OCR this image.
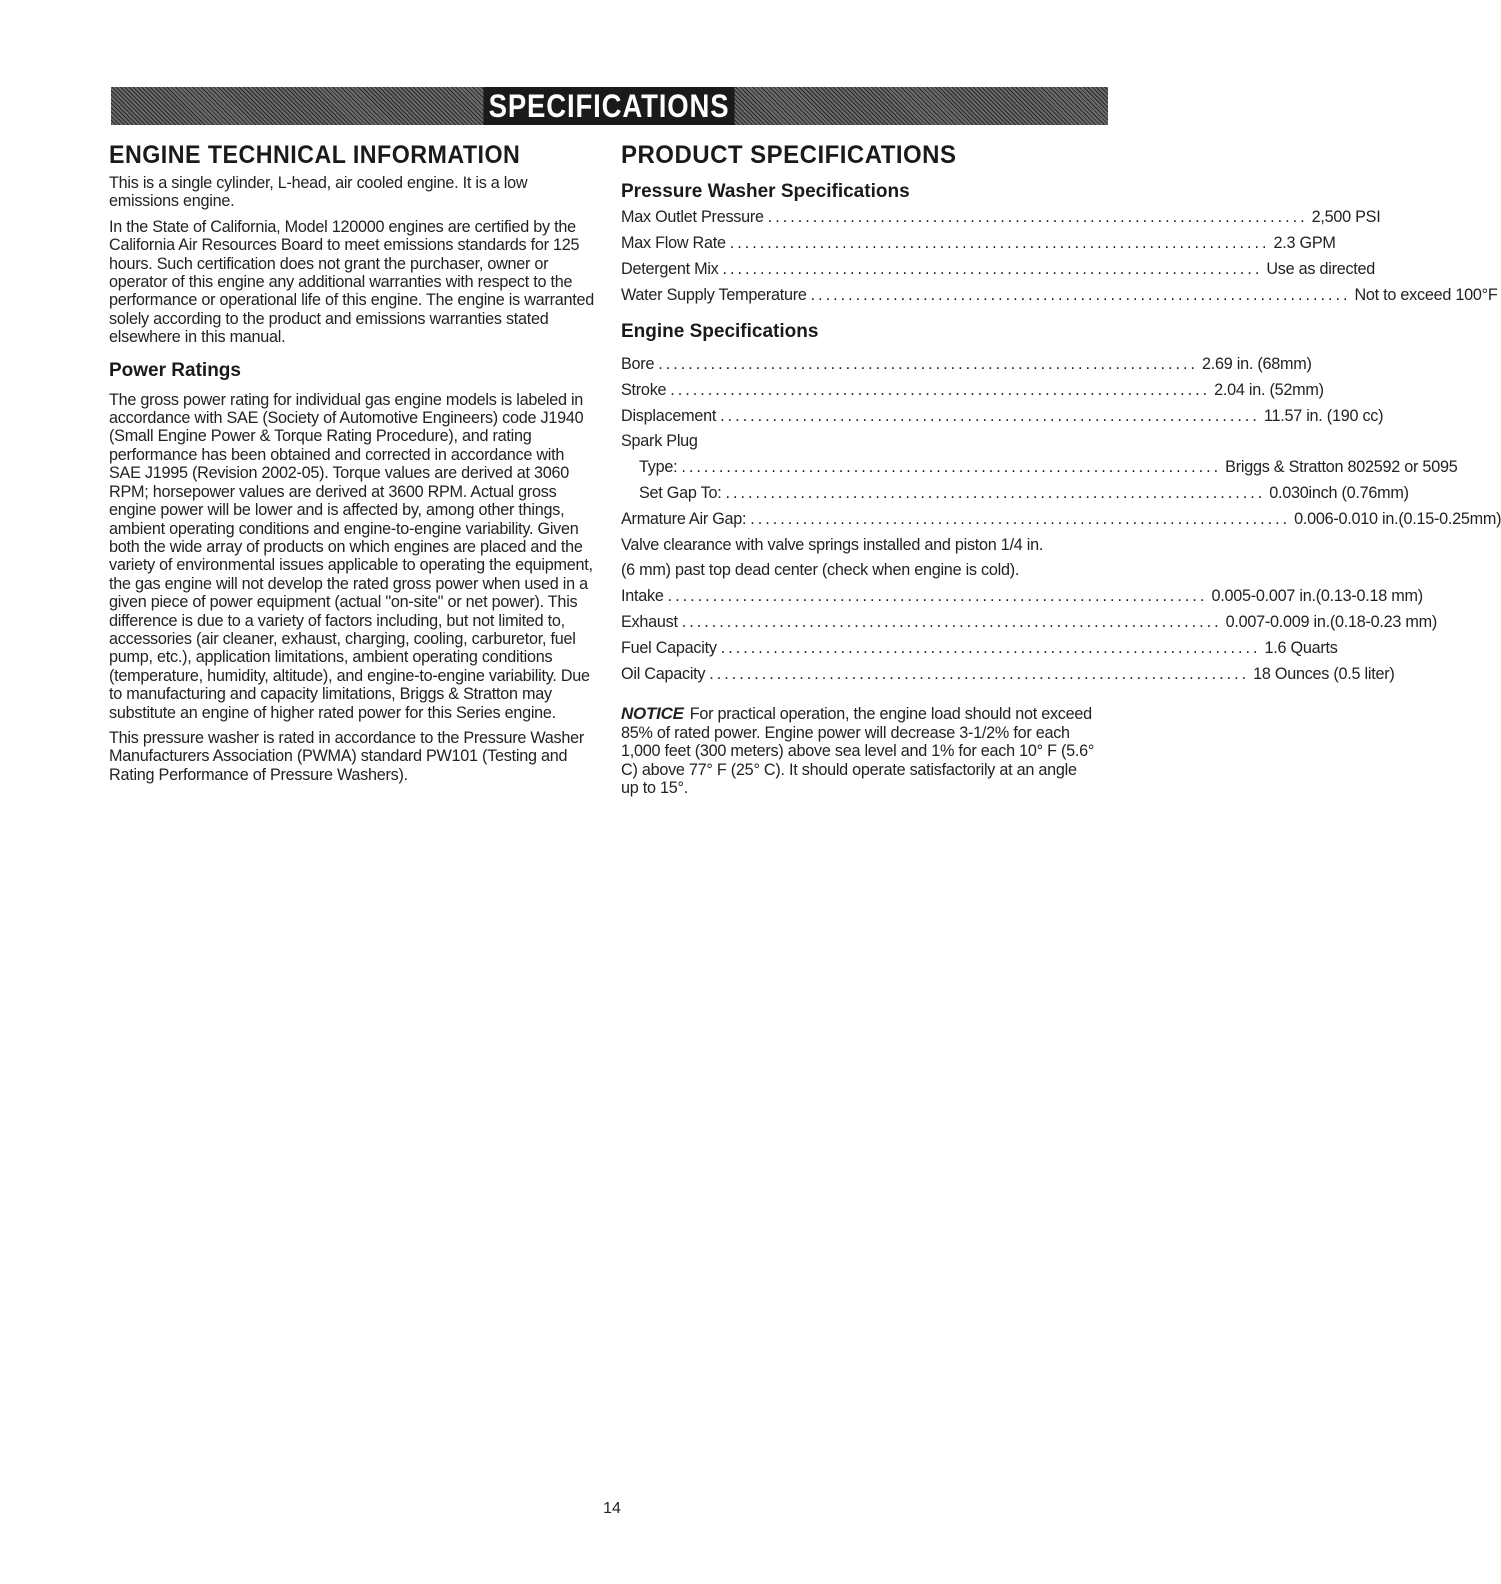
SPECIFICATIONS
ENGINE TECHNICAL INFORMATION

This is a single cylinder, L-head, air cooled engine. It is a low emissions engine.

In the State of California, Model 120000 engines are certified by the California Air Resources Board to meet emissions standards for 125 hours. Such certification does not grant the purchaser, owner or operator of this engine any additional warranties with respect to the performance or operational life of this engine. The engine is warranted solely according to the product and emissions warranties stated elsewhere in this manual.

Power Ratings

The gross power rating for individual gas engine models is labeled in accordance with SAE (Society of Automotive Engineers) code J1940 (Small Engine Power & Torque Rating Procedure), and rating performance has been obtained and corrected in accordance with SAE J1995 (Revision 2002-05). Torque values are derived at 3060 RPM; horsepower values are derived at 3600 RPM. Actual gross engine power will be lower and is affected by, among other things, ambient operating conditions and engine-to-engine variability. Given both the wide array of products on which engines are placed and the variety of environmental issues applicable to operating the equipment, the gas engine will not develop the rated gross power when used in a given piece of power equipment (actual "on-site" or net power). This difference is due to a variety of factors including, but not limited to, accessories (air cleaner, exhaust, charging, cooling, carburetor, fuel pump, etc.), application limitations, ambient operating conditions (temperature, humidity, altitude), and engine-to-engine variability. Due to manufacturing and capacity limitations, Briggs & Stratton may substitute an engine of higher rated power for this Series engine.

This pressure washer is rated in accordance to the Pressure Washer Manufacturers Association (PWMA) standard PW101 (Testing and Rating Performance of Pressure Washers).

PRODUCT SPECIFICATIONS
Pressure Washer Specifications
Max Outlet Pressure ........................................................................ 2,500 PSI
Max Flow Rate ........................................................................ 2.3 GPM
Detergent Mix ........................................................................ Use as directed
Water Supply Temperature ........................................................................ Not to exceed 100°F
Engine Specifications
Bore ........................................................................ 2.69 in. (68mm)
Stroke ........................................................................ 2.04 in. (52mm)
Displacement ........................................................................ 11.57 in. (190 cc)
Spark Plug
Type: ........................................................................ Briggs & Stratton 802592 or 5095
Set Gap To: ........................................................................ 0.030inch (0.76mm)
Armature Air Gap: ........................................................................ 0.006-0.010 in.(0.15-0.25mm)
Valve clearance with valve springs installed and piston 1/4 in.
(6 mm) past top dead center (check when engine is cold).
Intake ........................................................................ 0.005-0.007 in.(0.13-0.18 mm)
Exhaust ........................................................................ 0.007-0.009 in.(0.18-0.23 mm)
Fuel Capacity ........................................................................ 1.6 Quarts
Oil Capacity ........................................................................ 18 Ounces (0.5 liter)

NOTICE For practical operation, the engine load should not exceed 85% of rated power. Engine power will decrease 3-1/2% for each 1,000 feet (300 meters) above sea level and 1% for each 10° F (5.6° C) above 77° F (25° C). It should operate satisfactorily at an angle up to 15°.

14
